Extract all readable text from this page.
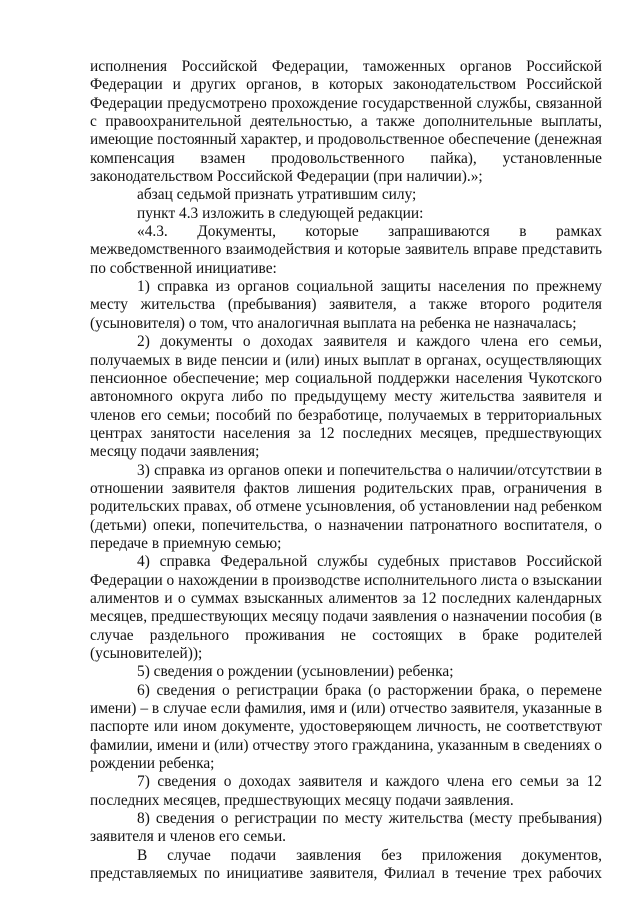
исполнения Российской Федерации, таможенных органов Российской Федерации и других органов, в которых законодательством Российской Федерации предусмотрено прохождение государственной службы, связанной с правоохранительной деятельностью, а также дополнительные выплаты, имеющие постоянный характер, и продовольственное обеспечение (денежная компенсация взамен продовольственного пайка), установленные законодательством Российской Федерации (при наличии).»;

абзац седьмой признать утратившим силу;

пункт 4.3 изложить в следующей редакции:

«4.3. Документы, которые запрашиваются в рамках межведомственного взаимодействия и которые заявитель вправе представить по собственной инициативе:

1) справка из органов социальной защиты населения по прежнему месту жительства (пребывания) заявителя, а также второго родителя (усыновителя) о том, что аналогичная выплата на ребенка не назначалась;

2) документы о доходах заявителя и каждого члена его семьи, получаемых в виде пенсии и (или) иных выплат в органах, осуществляющих пенсионное обеспечение; мер социальной поддержки населения Чукотского автономного округа либо по предыдущему месту жительства заявителя и членов его семьи; пособий по безработице, получаемых в территориальных центрах занятости населения за 12 последних месяцев, предшествующих месяцу подачи заявления;

3) справка из органов опеки и попечительства о наличии/отсутствии в отношении заявителя фактов лишения родительских прав, ограничения в родительских правах, об отмене усыновления, об установлении над ребенком (детьми) опеки, попечительства, о назначении патронатного воспитателя, о передаче в приемную семью;

4) справка Федеральной службы судебных приставов Российской Федерации о нахождении в производстве исполнительного листа о взыскании алиментов и о суммах взысканных алиментов за 12 последних календарных месяцев, предшествующих месяцу подачи заявления о назначении пособия (в случае раздельного проживания не состоящих в браке родителей (усыновителей));

5) сведения о рождении (усыновлении) ребенка;

6) сведения о регистрации брака (о расторжении брака, о перемене имени) – в случае если фамилия, имя и (или) отчество заявителя, указанные в паспорте или ином документе, удостоверяющем личность, не соответствуют фамилии, имени и (или) отчеству этого гражданина, указанным в сведениях о рождении ребенка;

7) сведения о доходах заявителя и каждого члена его семьи за 12 последних месяцев, предшествующих месяцу подачи заявления.

8) сведения о регистрации по месту жительства (месту пребывания) заявителя и членов его семьи.

В случае подачи заявления без приложения документов, представляемых по инициативе заявителя, Филиал в течение трех рабочих
